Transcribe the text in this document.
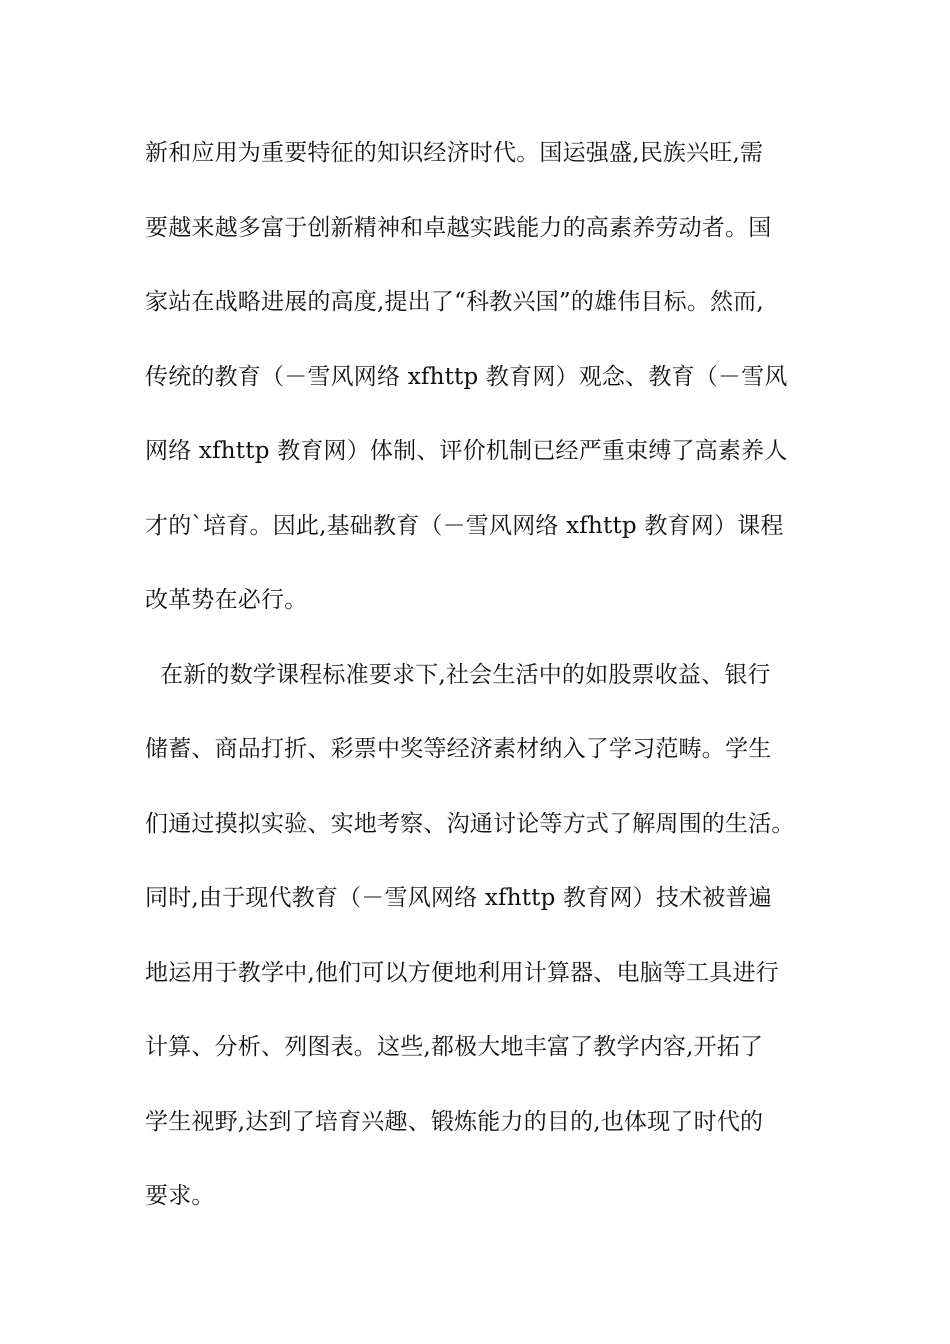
新和应用为重要特征的知识经济时代。国运强盛,民族兴旺,需
要越来越多富于创新精神和卓越实践能力的高素养劳动者。国
家站在战略进展的高度,提出了“科教兴国”的雄伟目标。然而,
传统的教育（－雪风网络 xfhttp 教育网）观念、教育（－雪风
网络 xfhttp 教育网）体制、评价机制已经严重束缚了高素养人
才的`培育。因此,基础教育（－雪风网络 xfhttp 教育网）课程
改革势在必行。
在新的数学课程标准要求下,社会生活中的如股票收益、银行
储蓄、商品打折、彩票中奖等经济素材纳入了学习范畴。学生
们通过摸拟实验、实地考察、沟通讨论等方式了解周围的生活。
同时,由于现代教育（－雪风网络 xfhttp 教育网）技术被普遍
地运用于教学中,他们可以方便地利用计算器、电脑等工具进行
计算、分析、列图表。这些,都极大地丰富了教学内容,开拓了
学生视野,达到了培育兴趣、锻炼能力的目的,也体现了时代的
要求。
